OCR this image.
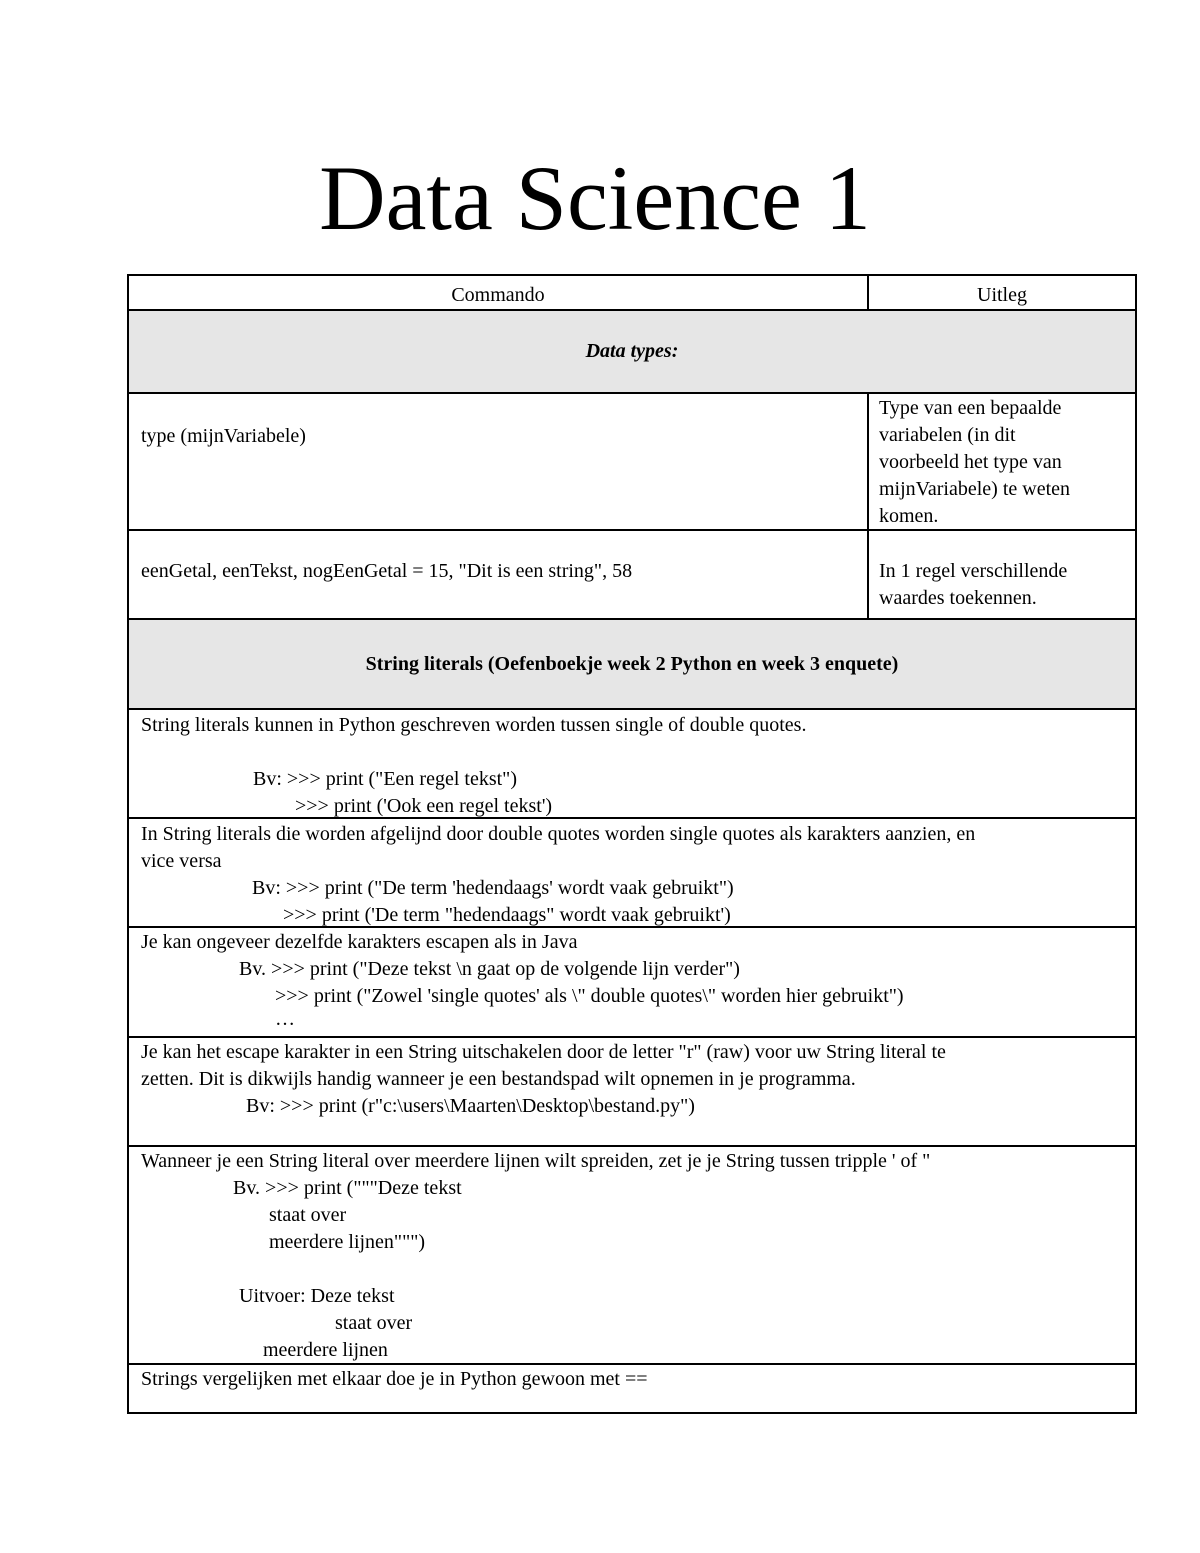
Data Science 1
Commando	Uitleg
Data types:
type (mijnVariabele)
Type van een bepaalde
variabelen (in dit
voorbeeld het type van
mijnVariabele) te weten
komen.
eenGetal, eenTekst, nogEenGetal = 15, "Dit is een string", 58	In 1 regel verschillende
waardes toekennen.
String literals (Oefenboekje week 2 Python en week 3 enquete)
String literals kunnen in Python geschreven worden tussen single of double quotes.
Bv: >>> print ("Een regel tekst")
>>> print ('Ook een regel tekst')
In String literals die worden afgelijnd door double quotes worden single quotes als karakters aanzien, en
vice versa
Bv: >>> print ("De term 'hedendaags' wordt vaak gebruikt")
>>> print ('De term "hedendaags" wordt vaak gebruikt')
Je kan ongeveer dezelfde karakters escapen als in Java
Bv. >>> print ("Deze tekst \n gaat op de volgende lijn verder")
>>> print ("Zowel 'single quotes' als \" double quotes\" worden hier gebruikt")
…
Je kan het escape karakter in een String uitschakelen door de letter "r" (raw) voor uw String literal te
zetten. Dit is dikwijls handig wanneer je een bestandspad wilt opnemen in je programma.
Bv: >>> print (r"c:\users\Maarten\Desktop\bestand.py")
Wanneer je een String literal over meerdere lijnen wilt spreiden, zet je je String tussen tripple ' of "
Bv. >>> print ("""Deze tekst
staat over
meerdere lijnen""")
Uitvoer: Deze tekst
staat over
meerdere lijnen
Strings vergelijken met elkaar doe je in Python gewoon met ==
